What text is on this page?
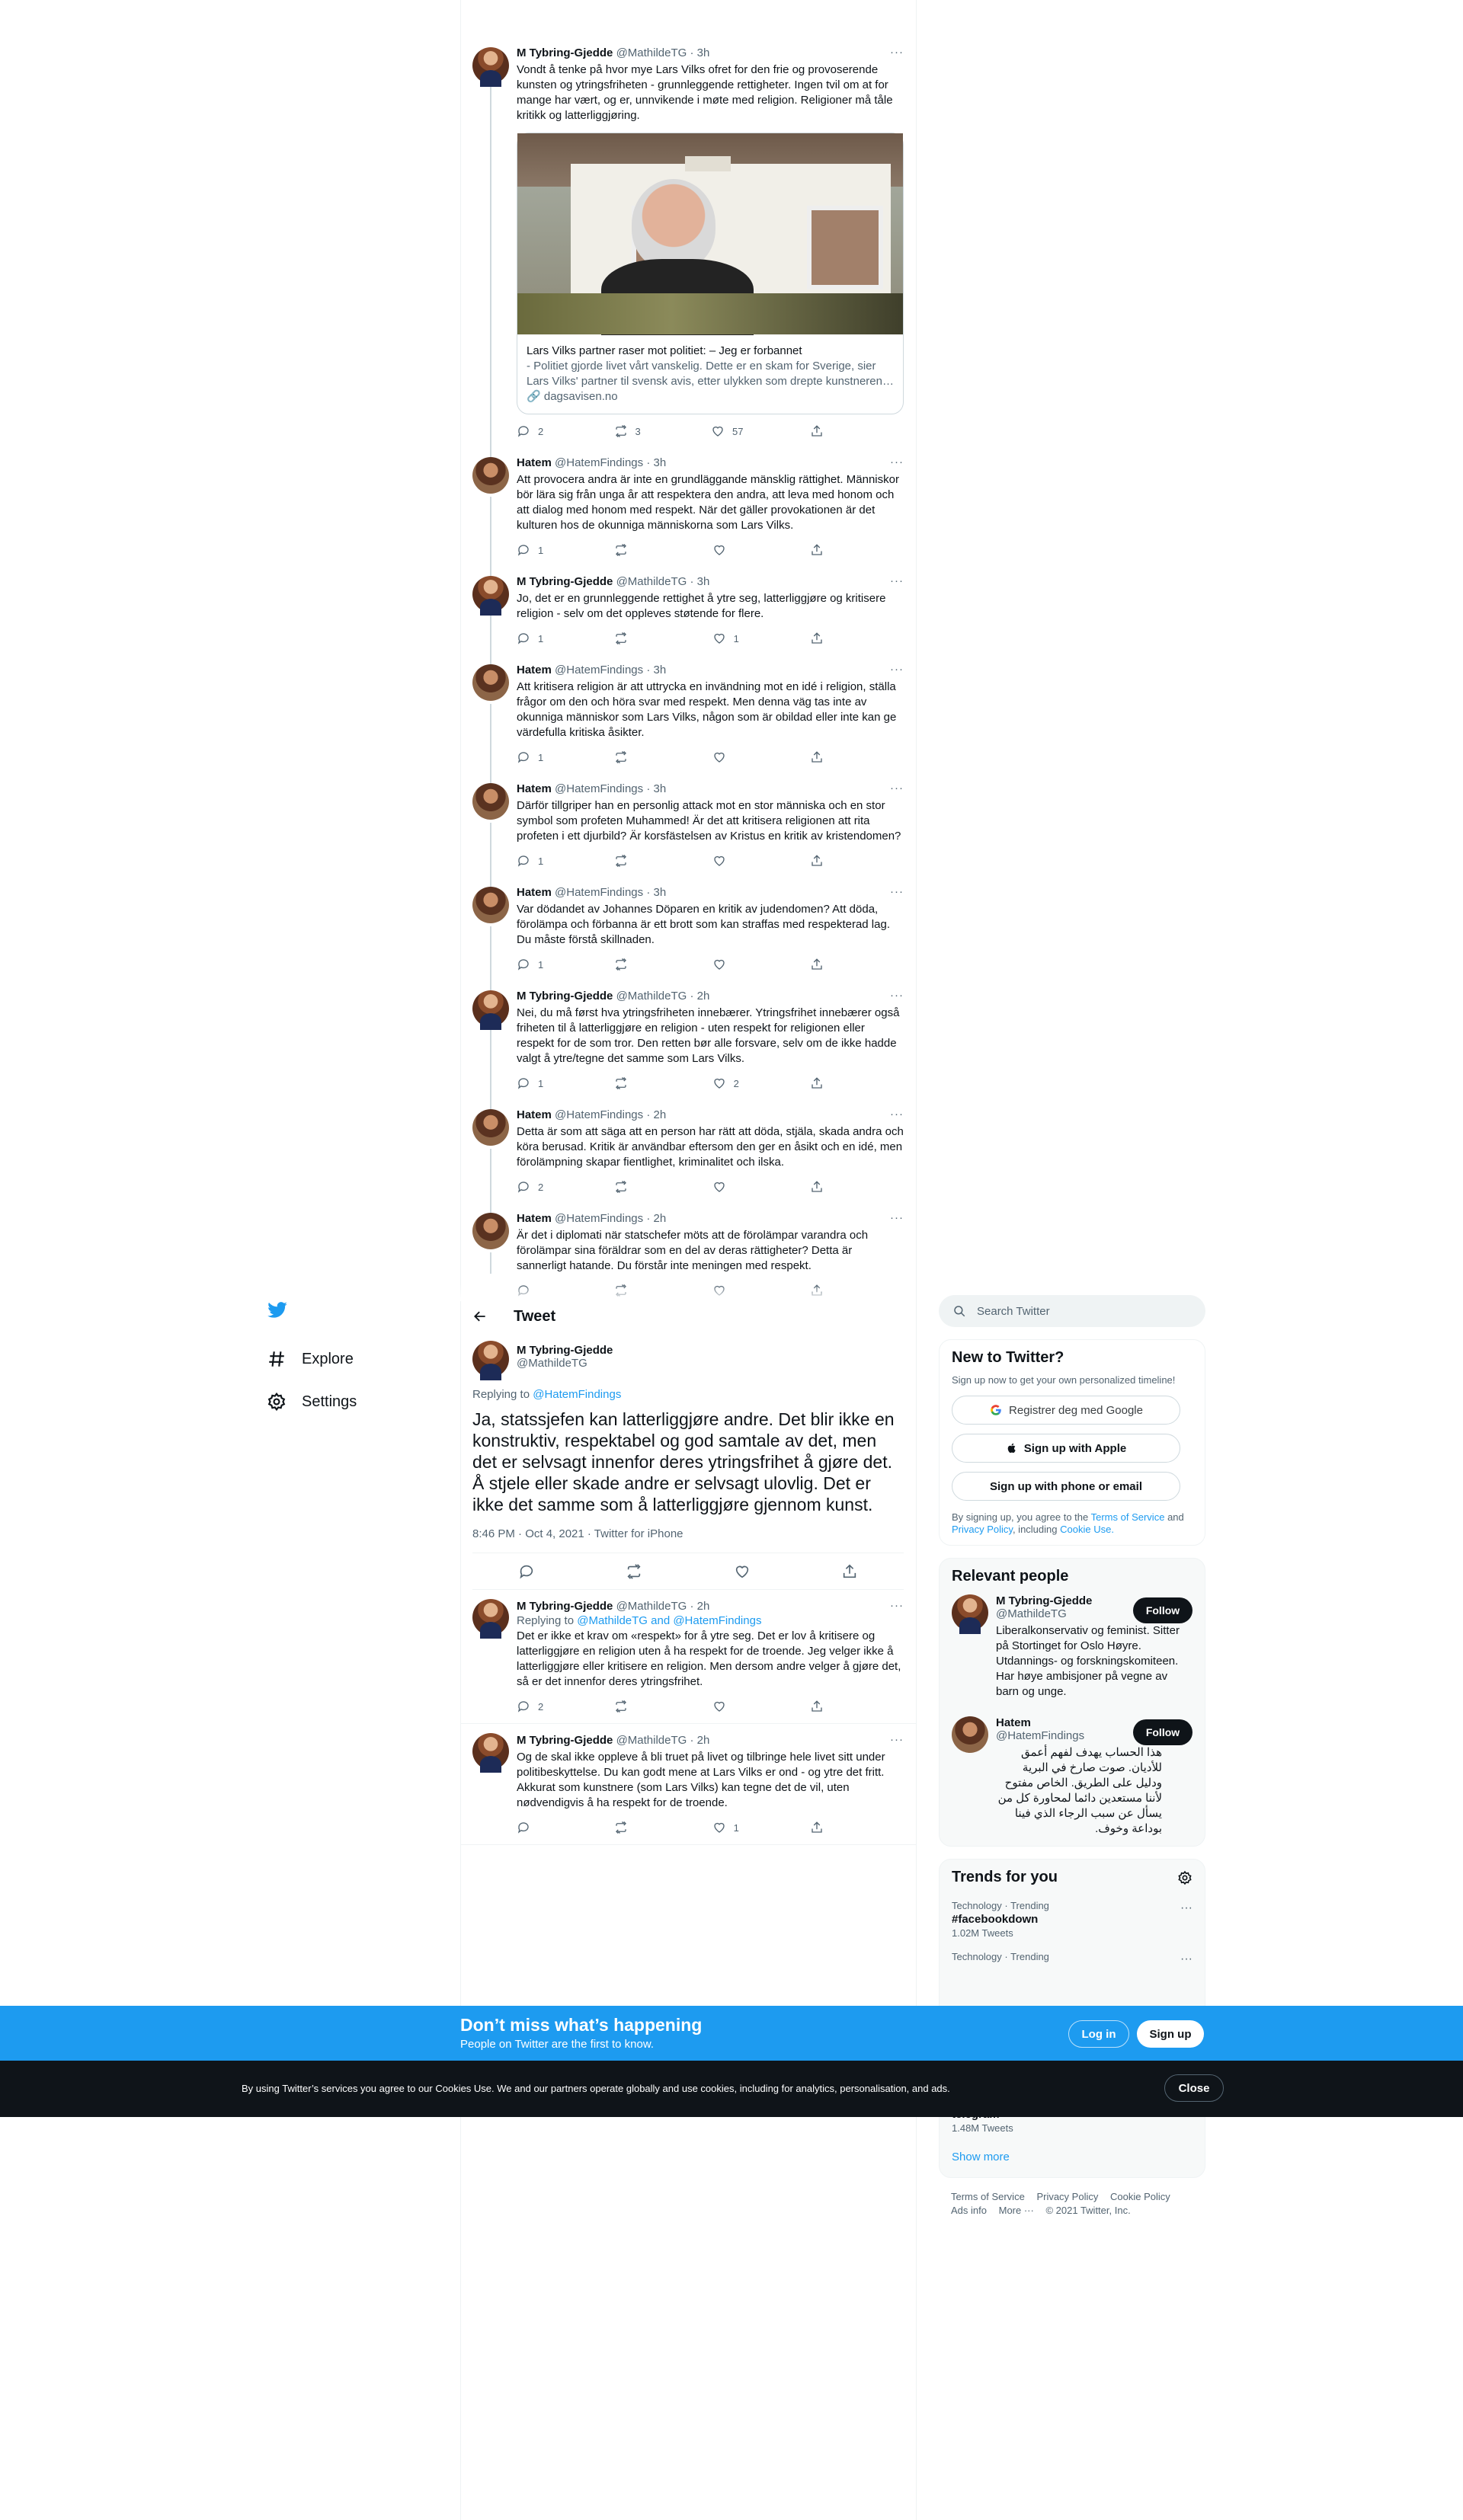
M Tybring-Gjedde @MathildeTG · 3h	···
Vondt å tenke på hvor mye Lars Vilks ofret for den frie og provoserende kunsten og ytringsfriheten - grunnleggende rettigheter. Ingen tvil om at for mange har vært, og er, unnvikende i møte med religion. Religioner må tåle kritikk og latterliggjøring.
Lars Vilks partner raser mot politiet: – Jeg er forbannet
- Politiet gjorde livet vårt vanskelig. Dette er en skam for Sverige, sier Lars Vilks' partner til svensk avis, etter ulykken som drepte kunstneren…
🔗 dagsavisen.no
2	3	57
Hatem @HatemFindings · 3h	···
Att provocera andra är inte en grundläggande mänsklig rättighet. Människor bör lära sig från unga år att respektera den andra, att leva med honom och att dialog med honom med respekt. När det gäller provokationen är det kulturen hos de okunniga människorna som Lars Vilks.
1
M Tybring-Gjedde @MathildeTG · 3h	···
Jo, det er en grunnleggende rettighet å ytre seg, latterliggjøre og kritisere religion - selv om det oppleves støtende for flere.
1	1
Hatem @HatemFindings · 3h	···
Att kritisera religion är att uttrycka en invändning mot en idé i religion, ställa frågor om den och höra svar med respekt. Men denna väg tas inte av okunniga människor som Lars Vilks, någon som är obildad eller inte kan ge värdefulla kritiska åsikter.
1
Hatem @HatemFindings · 3h	···
Därför tillgriper han en personlig attack mot en stor människa och en stor symbol som profeten Muhammed! Är det att kritisera religionen att rita profeten i ett djurbild? Är korsfästelsen av Kristus en kritik av kristendomen?
1
Hatem @HatemFindings · 3h	···
Var dödandet av Johannes Döparen en kritik av judendomen? Att döda, förolämpa och förbanna är ett brott som kan straffas med respekterad lag. Du måste förstå skillnaden.
1
M Tybring-Gjedde @MathildeTG · 2h	···
Nei, du må først hva ytringsfriheten innebærer. Ytringsfrihet innebærer også friheten til å latterliggjøre en religion - uten respekt for religionen eller respekt for de som tror. Den retten bør alle forsvare, selv om de ikke hadde valgt å ytre/tegne det samme som Lars Vilks.
1	2
Hatem @HatemFindings · 2h	···
Detta är som att säga att en person har rätt att döda, stjäla, skada andra och köra berusad. Kritik är användbar eftersom den ger en åsikt och en idé, men förolämpning skapar fientlighet, kriminalitet och ilska.
2
Hatem @HatemFindings · 2h	···
Är det i diplomati när statschefer möts att de förolämpar varandra och förolämpar sina föräldrar som en del av deras rättigheter? Detta är sannerligt hatande. Du förstår inte meningen med respekt.
Explore
Settings
Tweet
M Tybring-Gjedde
@MathildeTG
Replying to @HatemFindings
Ja, statssjefen kan latterliggjøre andre. Det blir ikke en konstruktiv, respektabel og god samtale av det, men det er selvsagt innenfor deres ytringsfrihet å gjøre det. Å stjele eller skade andre er selvsagt ulovlig. Det er ikke det samme som å latterliggjøre gjennom kunst.
8:46 PM · Oct 4, 2021 · Twitter for iPhone
M Tybring-Gjedde @MathildeTG · 2h	···
Replying to @MathildeTG and @HatemFindings
Det er ikke et krav om «respekt» for å ytre seg. Det er lov å kritisere og latterliggjøre en religion uten å ha respekt for de troende. Jeg velger ikke å latterliggjøre eller kritisere en religion. Men dersom andre velger å gjøre det, så er det innenfor deres ytringsfrihet.
2
M Tybring-Gjedde @MathildeTG · 2h	···
Og de skal ikke oppleve å bli truet på livet og tilbringe hele livet sitt under politibeskyttelse. Du kan godt mene at Lars Vilks er ond - og ytre det fritt. Akkurat som kunstnere (som Lars Vilks) kan tegne det de vil, uten nødvendigvis å ha respekt for de troende.
1
Search Twitter
New to Twitter?
Sign up now to get your own personalized timeline!
Registrer deg med Google
Sign up with Apple
Sign up with phone or email
By signing up, you agree to the Terms of Service and Privacy Policy, including Cookie Use.
Relevant people
M Tybring-Gjedde
@MathildeTG
Liberalkonservativ og feminist. Sitter på Stortinget for Oslo Høyre. Utdannings- og forskningskomiteen. Har høye ambisjoner på vegne av barn og unge.
Follow
Hatem
@HatemFindings
هذا الحساب يهدف لفهم أعمق للأديان. صوت صارخ في البرية ودليل على الطريق. الخاص مفتوح لأننا مستعدين دائما لمحاورة كل من يسأل عن سبب الرجاء الذي فينا بوداعة وخوف.
Follow
Trends for you
Technology · Trending
#facebookdown
1.02M Tweets
···
Technology · Trending	···
1.48M Tweets
Show more
Terms of Service Privacy Policy Cookie Policy
Ads info More ··· © 2021 Twitter, Inc.
Don’t miss what’s happening
People on Twitter are the first to know.
Log in	Sign up
By using Twitter’s services you agree to our Cookies Use. We and our partners operate globally and use cookies, including for analytics, personalisation, and ads.	Close
